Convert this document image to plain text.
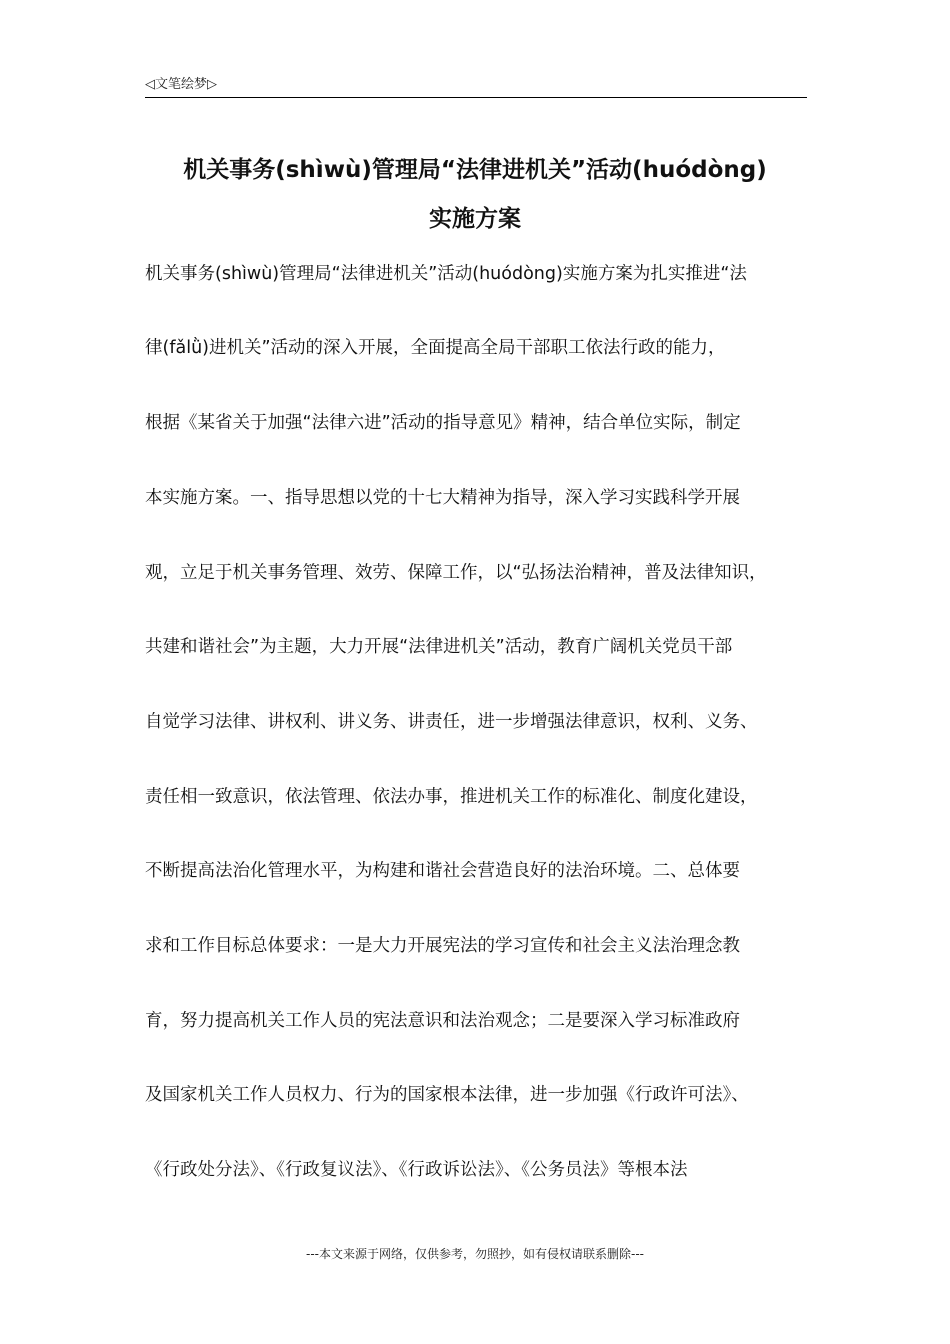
◁文笔绘梦▷
机关事务(shìwù)管理局“法律进机关”活动(huódòng)
实施方案
机关事务(shìwù)管理局“法律进机关”活动(huódòng)实施方案为扎实推进“法
律(fǎlǜ)进机关”活动的深入开展，全面提高全局干部职工依法行政的能力，
根据《某省关于加强“法律六进”活动的指导意见》精神，结合单位实际，制定
本实施方案。一、指导思想以党的十七大精神为指导，深入学习实践科学开展
观，立足于机关事务管理、效劳、保障工作，以“弘扬法治精神，普及法律知识，
共建和谐社会”为主题，大力开展“法律进机关”活动，教育广阔机关党员干部
自觉学习法律、讲权利、讲义务、讲责任，进一步增强法律意识，权利、义务、
责任相一致意识，依法管理、依法办事，推进机关工作的标准化、制度化建设，
不断提高法治化管理水平，为构建和谐社会营造良好的法治环境。二、总体要
求和工作目标总体要求：一是大力开展宪法的学习宣传和社会主义法治理念教
育，努力提高机关工作人员的宪法意识和法治观念；二是要深入学习标准政府
及国家机关工作人员权力、行为的国家根本法律，进一步加强《行政许可法》、
《行政处分法》、《行政复议法》、《行政诉讼法》、《公务员法》等根本法
---本文来源于网络，仅供参考，勿照抄，如有侵权请联系删除---
